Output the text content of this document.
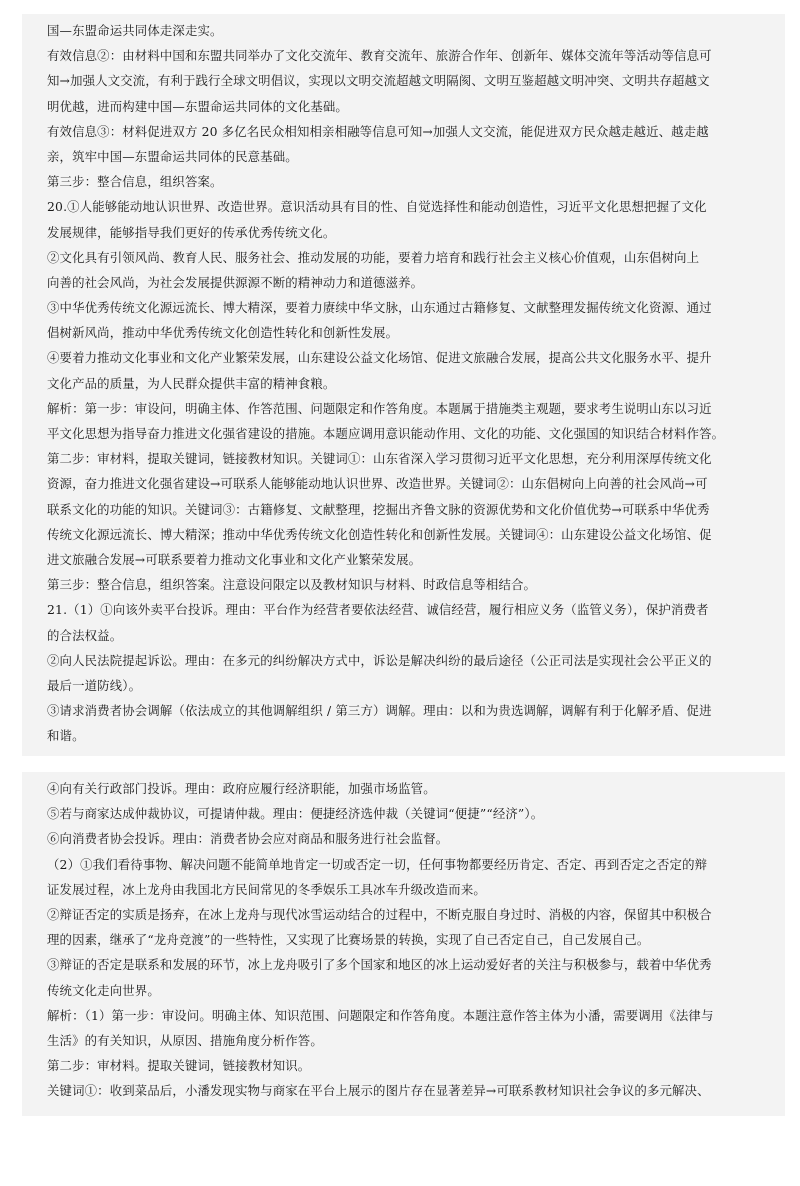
国—东盟命运共同体走深走实。
有效信息②：由材料中国和东盟共同举办了文化交流年、教育交流年、旅游合作年、创新年、媒体交流年等活动等信息可
知→加强人文交流，有利于践行全球文明倡议，实现以文明交流超越文明隔阂、文明互鉴超越文明冲突、文明共存超越文
明优越，进而构建中国—东盟命运共同体的文化基础。
有效信息③：材料促进双方 20 多亿名民众相知相亲相融等信息可知→加强人文交流，能促进双方民众越走越近、越走越
亲，筑牢中国—东盟命运共同体的民意基础。
第三步：整合信息，组织答案。
20.①人能够能动地认识世界、改造世界。意识活动具有目的性、自觉选择性和能动创造性，习近平文化思想把握了文化
发展规律，能够指导我们更好的传承优秀传统文化。
②文化具有引领风尚、教育人民、服务社会、推动发展的功能，要着力培育和践行社会主义核心价值观，山东倡树向上
向善的社会风尚，为社会发展提供源源不断的精神动力和道德滋养。
③中华优秀传统文化源远流长、博大精深，要着力赓续中华文脉，山东通过古籍修复、文献整理发掘传统文化资源、通过
倡树新风尚，推动中华优秀传统文化创造性转化和创新性发展。
④要着力推动文化事业和文化产业繁荣发展，山东建设公益文化场馆、促进文旅融合发展，提高公共文化服务水平、提升
文化产品的质量，为人民群众提供丰富的精神食粮。
解析：第一步：审设问，明确主体、作答范围、问题限定和作答角度。本题属于措施类主观题，要求考生说明山东以习近
平文化思想为指导奋力推进文化强省建设的措施。本题应调用意识能动作用、文化的功能、文化强国的知识结合材料作答。
第二步：审材料，提取关键词，链接教材知识。关键词①：山东省深入学习贯彻习近平文化思想，充分利用深厚传统文化
资源，奋力推进文化强省建设→可联系人能够能动地认识世界、改造世界。关键词②：山东倡树向上向善的社会风尚→可
联系文化的功能的知识。关键词③：古籍修复、文献整理，挖掘出齐鲁文脉的资源优势和文化价值优势→可联系中华优秀
传统文化源远流长、博大精深；推动中华优秀传统文化创造性转化和创新性发展。关键词④：山东建设公益文化场馆、促
进文旅融合发展→可联系要着力推动文化事业和文化产业繁荣发展。
第三步：整合信息，组织答案。注意设问限定以及教材知识与材料、时政信息等相结合。
21.（1）①向该外卖平台投诉。理由：平台作为经营者要依法经营、诚信经营，履行相应义务（监管义务），保护消费者
的合法权益。
②向人民法院提起诉讼。理由：在多元的纠纷解决方式中，诉讼是解决纠纷的最后途径（公正司法是实现社会公平正义的
最后一道防线）。
③请求消费者协会调解（依法成立的其他调解组织 / 第三方）调解。理由：以和为贵选调解，调解有利于化解矛盾、促进
和谐。
④向有关行政部门投诉。理由：政府应履行经济职能，加强市场监管。
⑤若与商家达成仲裁协议，可提请仲裁。理由：便捷经济选仲裁（关键词“便捷”“经济”）。
⑥向消费者协会投诉。理由：消费者协会应对商品和服务进行社会监督。
（2）①我们看待事物、解决问题不能简单地肯定一切或否定一切，任何事物都要经历肯定、否定、再到否定之否定的辩
证发展过程，冰上龙舟由我国北方民间常见的冬季娱乐工具冰车升级改造而来。
②辩证否定的实质是扬弃，在冰上龙舟与现代冰雪运动结合的过程中，不断克服自身过时、消极的内容，保留其中积极合
理的因素，继承了“龙舟竞渡”的一些特性，又实现了比赛场景的转换，实现了自己否定自己，自己发展自己。
③辩证的否定是联系和发展的环节，冰上龙舟吸引了多个国家和地区的冰上运动爱好者的关注与积极参与，载着中华优秀
传统文化走向世界。
解析：（1）第一步：审设问。明确主体、知识范围、问题限定和作答角度。本题注意作答主体为小潘，需要调用《法律与
生活》的有关知识，从原因、措施角度分析作答。
第二步：审材料。提取关键词，链接教材知识。
关键词①：收到菜品后，小潘发现实物与商家在平台上展示的图片存在显著差异→可联系教材知识社会争议的多元解决、
